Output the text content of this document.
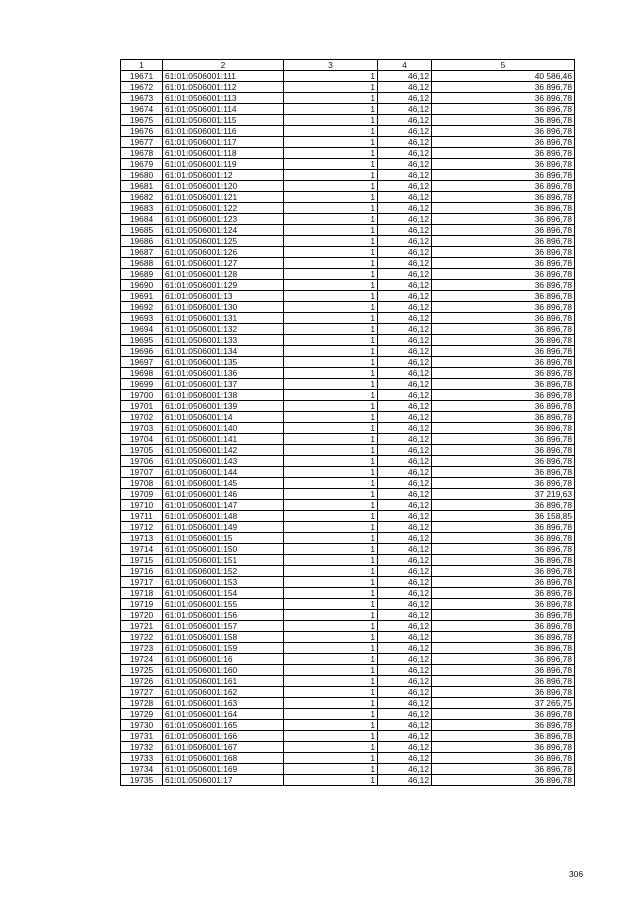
1	2	3	4	5
19671	61:01:0506001:111	1	46,12	40 586,46
19672	61:01:0506001:112	1	46,12	36 896,78
19673	61:01:0506001:113	1	46,12	36 896,78
19674	61:01:0506001:114	1	46,12	36 896,78
19675	61:01:0506001:115	1	46,12	36 896,78
19676	61:01:0506001:116	1	46,12	36 896,78
19677	61:01:0506001:117	1	46,12	36 896,78
19678	61:01:0506001:118	1	46,12	36 896,78
19679	61:01:0506001:119	1	46,12	36 896,78
19680	61:01:0506001:12	1	46,12	36 896,78
19681	61:01:0506001:120	1	46,12	36 896,78
19682	61:01:0506001:121	1	46,12	36 896,78
19683	61:01:0506001:122	1	46,12	36 896,78
19684	61:01:0506001:123	1	46,12	36 896,78
19685	61:01:0506001:124	1	46,12	36 896,78
19686	61:01:0506001:125	1	46,12	36 896,78
19687	61:01:0506001:126	1	46,12	36 896,78
19688	61:01:0506001:127	1	46,12	36 896,78
19689	61:01:0506001:128	1	46,12	36 896,78
19690	61:01:0506001:129	1	46,12	36 896,78
19691	61:01:0506001:13	1	46,12	36 896,78
19692	61:01:0506001:130	1	46,12	36 896,78
19693	61:01:0506001:131	1	46,12	36 896,78
19694	61:01:0506001:132	1	46,12	36 896,78
19695	61:01:0506001:133	1	46,12	36 896,78
19696	61:01:0506001:134	1	46,12	36 896,78
19697	61:01:0506001:135	1	46,12	36 896,78
19698	61:01:0506001:136	1	46,12	36 896,78
19699	61:01:0506001:137	1	46,12	36 896,78
19700	61:01:0506001:138	1	46,12	36 896,78
19701	61:01:0506001:139	1	46,12	36 896,78
19702	61:01:0506001:14	1	46,12	36 896,78
19703	61:01:0506001:140	1	46,12	36 896,78
19704	61:01:0506001:141	1	46,12	36 896,78
19705	61:01:0506001:142	1	46,12	36 896,78
19706	61:01:0506001:143	1	46,12	36 896,78
19707	61:01:0506001:144	1	46,12	36 896,78
19708	61:01:0506001:145	1	46,12	36 896,78
19709	61:01:0506001:146	1	46,12	37 219,63
19710	61:01:0506001:147	1	46,12	36 896,78
19711	61:01:0506001:148	1	46,12	36 158,85
19712	61:01:0506001:149	1	46,12	36 896,78
19713	61:01:0506001:15	1	46,12	36 896,78
19714	61:01:0506001:150	1	46,12	36 896,78
19715	61:01:0506001:151	1	46,12	36 896,78
19716	61:01:0506001:152	1	46,12	36 896,78
19717	61:01:0506001:153	1	46,12	36 896,78
19718	61:01:0506001:154	1	46,12	36 896,78
19719	61:01:0506001:155	1	46,12	36 896,78
19720	61:01:0506001:156	1	46,12	36 896,78
19721	61:01:0506001:157	1	46,12	36 896,78
19722	61:01:0506001:158	1	46,12	36 896,78
19723	61:01:0506001:159	1	46,12	36 896,78
19724	61:01:0506001:16	1	46,12	36 896,78
19725	61:01:0506001:160	1	46,12	36 896,78
19726	61:01:0506001:161	1	46,12	36 896,78
19727	61:01:0506001:162	1	46,12	36 896,78
19728	61:01:0506001:163	1	46,12	37 265,75
19729	61:01:0506001:164	1	46,12	36 896,78
19730	61:01:0506001:165	1	46,12	36 896,78
19731	61:01:0506001:166	1	46,12	36 896,78
19732	61:01:0506001:167	1	46,12	36 896,78
19733	61:01:0506001:168	1	46,12	36 896,78
19734	61:01:0506001:169	1	46,12	36 896,78
19735	61:01:0506001:17	1	46,12	36 896,78
306
